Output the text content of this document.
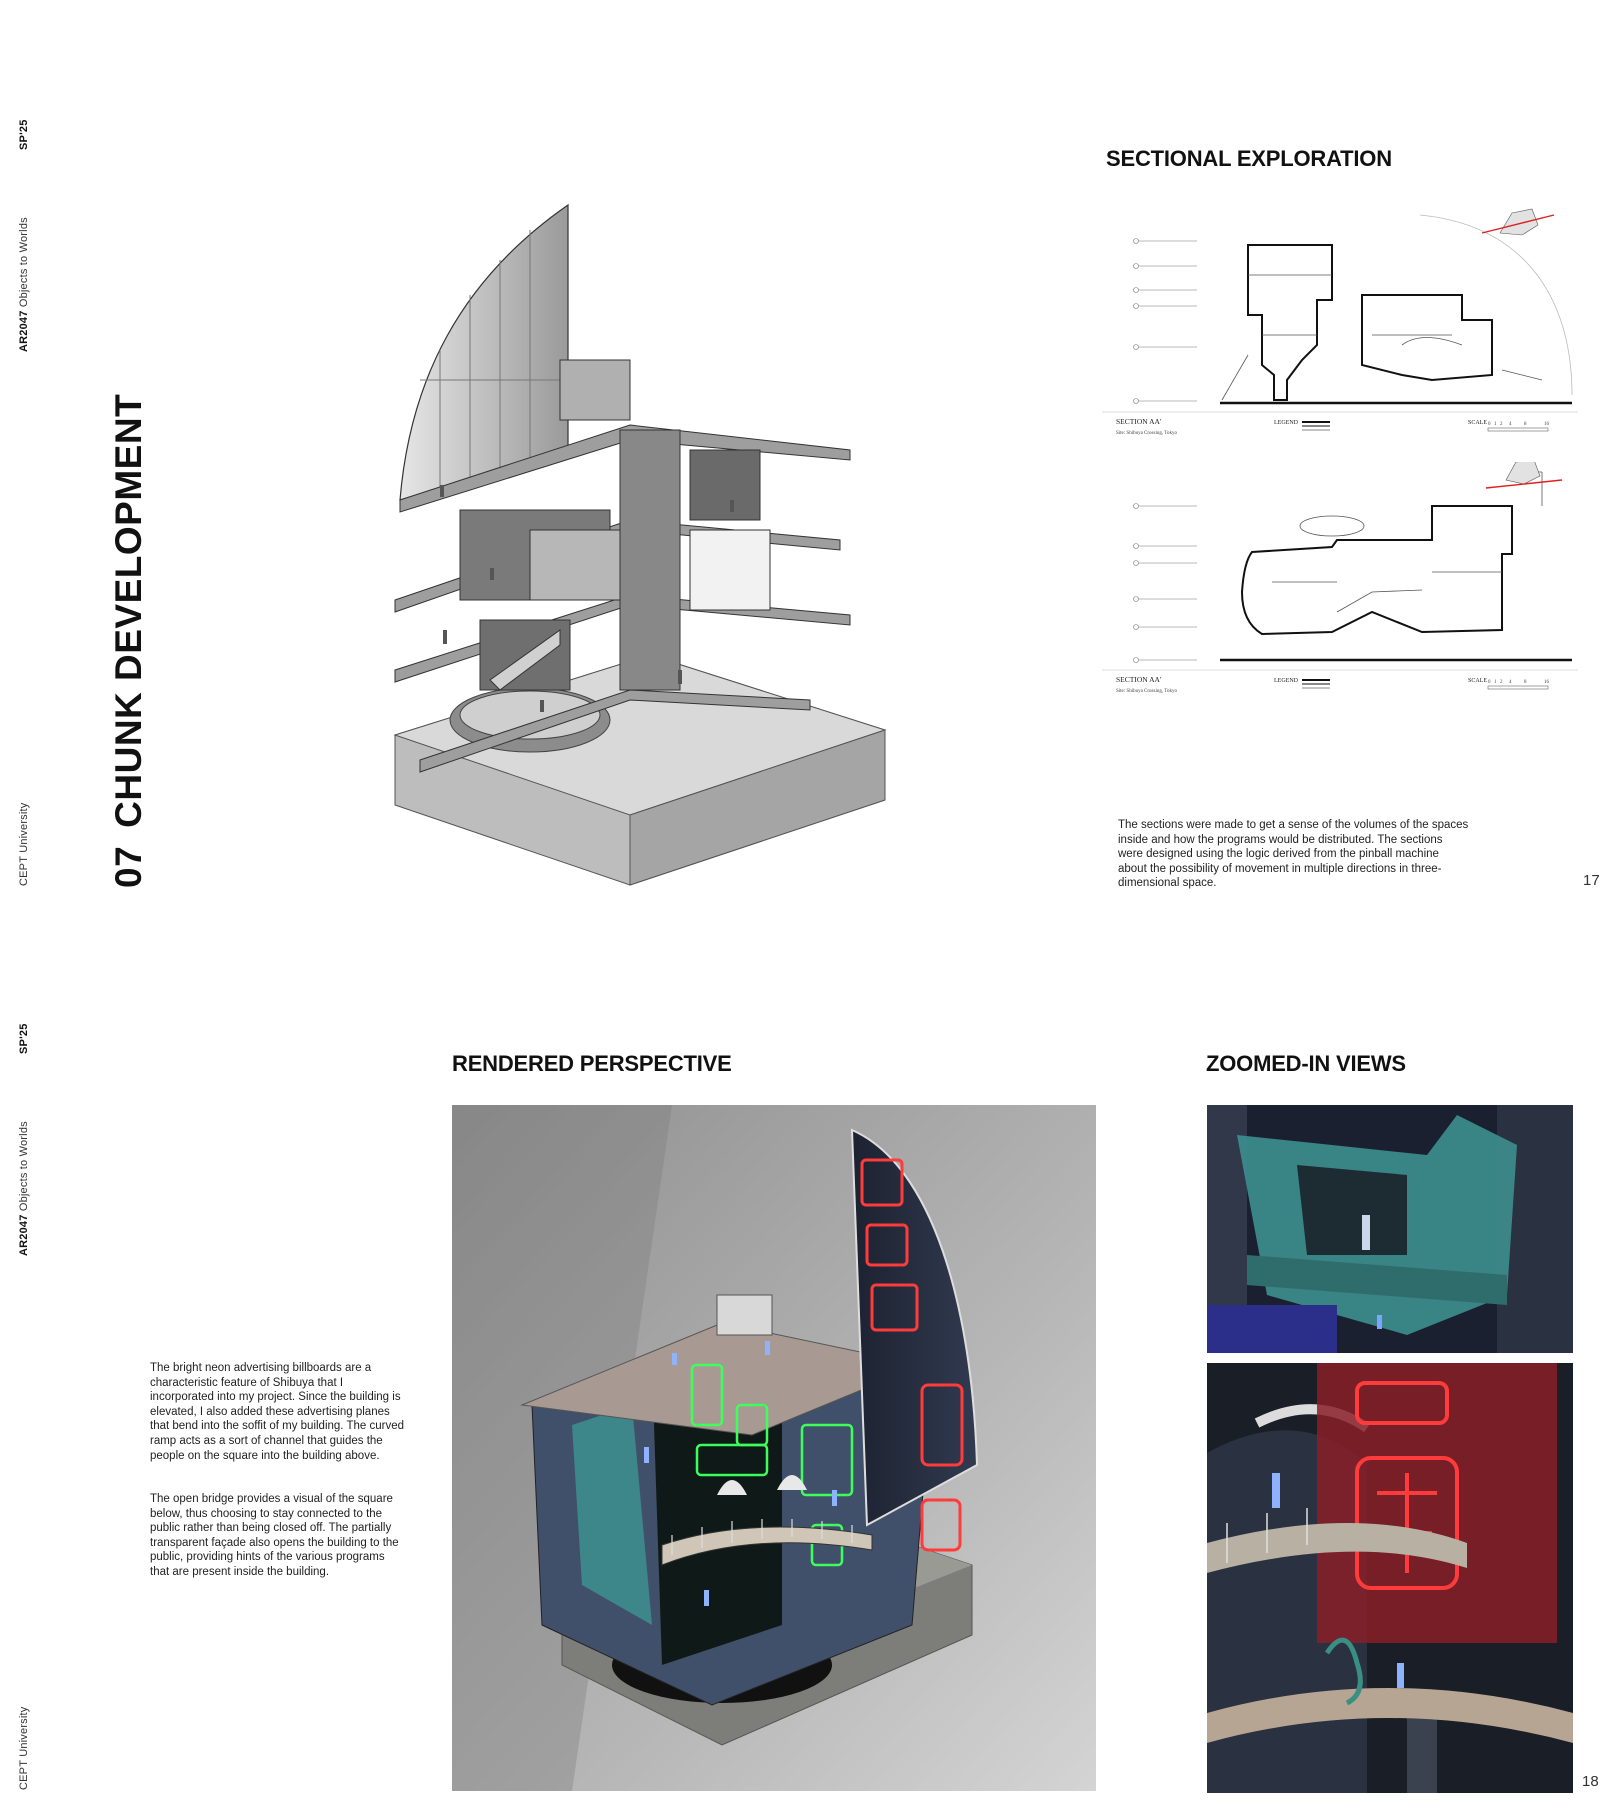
SP'25
AR2047 Objects to Worlds
CEPT University 07CHUNK DEVELOPMENT
SECTIONAL EXPLORATION
SECTION AA'
Site: Shibuya Crossing, Tokyo
LEGEND	SCALE 0 1 2 4	8	16
SECTION AA'
Site: Shibuya Crossing, Tokyo
LEGEND	SCALE 0 1 2 4	8	16

The sections were made to get a sense of the volumes of the spaces inside and how the programs would be distributed. The sections were designed using the logic derived from the pinball machine about the possibility of movement in multiple directions in three-dimensional space.	17
SP'25
AR2047 Objects to Worlds
CEPT University
RENDERED PERSPECTIVE	ZOOMED-IN VIEWS

The bright neon advertising billboards are a characteristic feature of Shibuya that I incorporated into my project. Since the building is elevated, I also added these advertising planes that bend into the soffit of my building. The curved ramp acts as a sort of channel that guides the people on the square into the building above.

The open bridge provides a visual of the square below, thus choosing to stay connected to the public rather than being closed off. The partially transparent façade also opens the building to the public, providing hints of the various programs that are present inside the building.

18
